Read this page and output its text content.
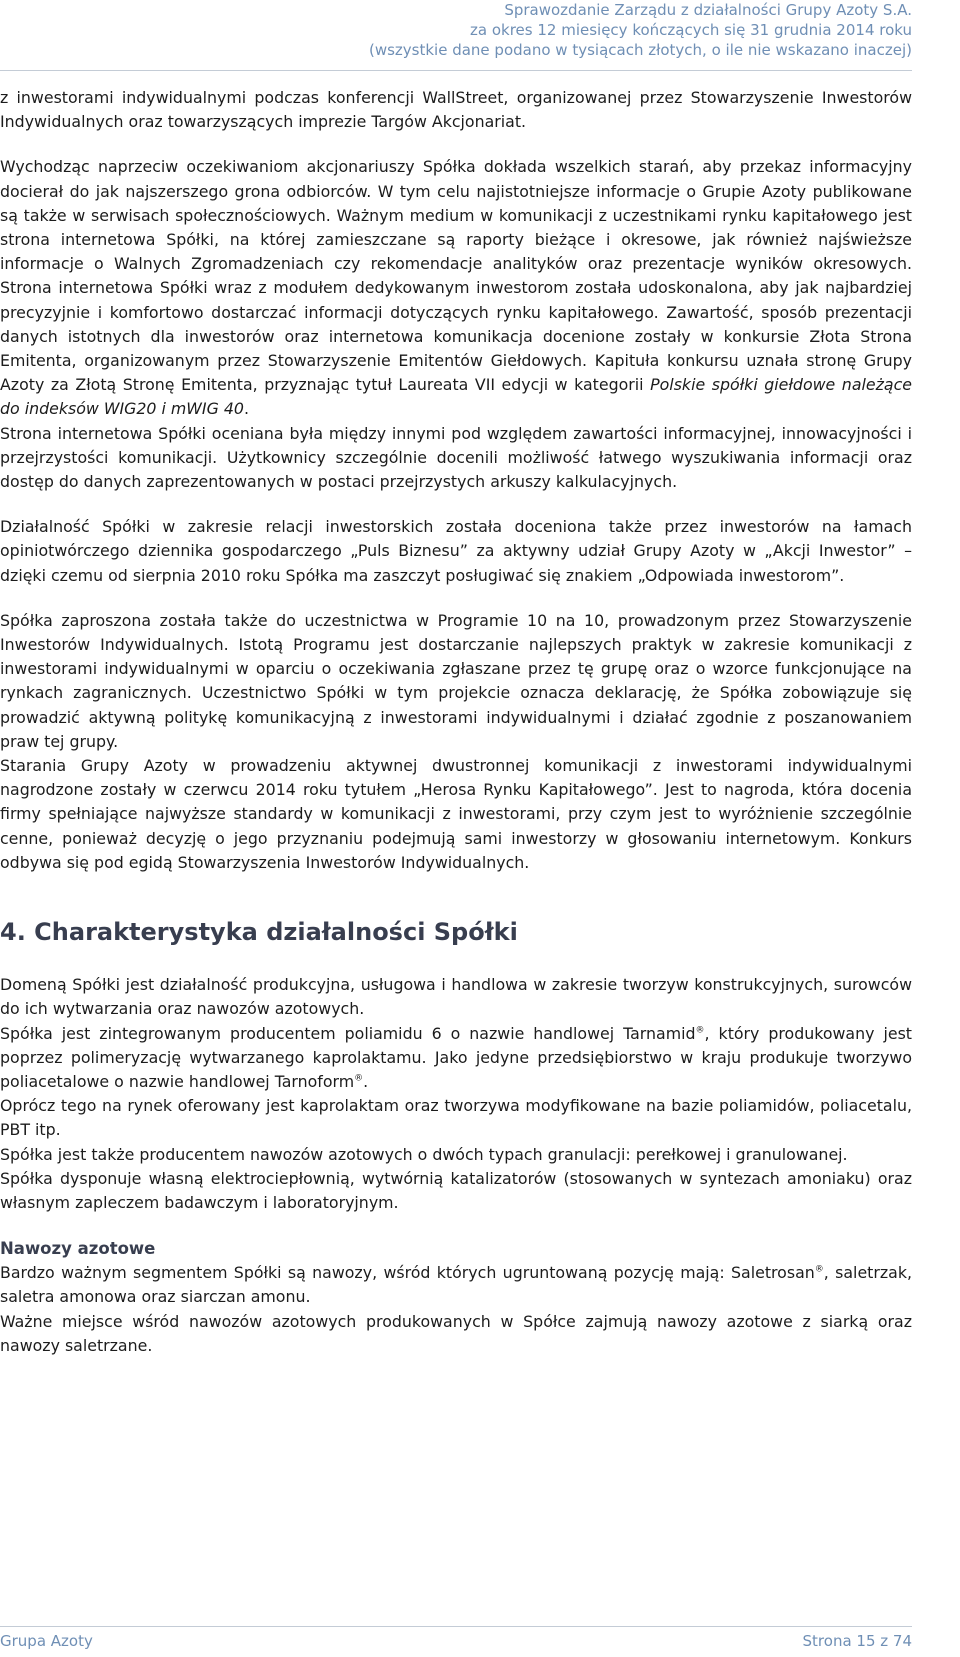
Sprawozdanie Zarządu z działalności Grupy Azoty S.A.
za okres 12 miesięcy kończących się 31 grudnia 2014 roku
(wszystkie dane podano w tysiącach złotych, o ile nie wskazano inaczej)

z inwestorami indywidualnymi podczas konferencji WallStreet, organizowanej przez Stowarzyszenie Inwestorów Indywidualnych oraz towarzyszących imprezie Targów Akcjonariat.

Wychodząc naprzeciw oczekiwaniom akcjonariuszy Spółka dokłada wszelkich starań, aby przekaz informacyjny docierał do jak najszerszego grona odbiorców. W tym celu najistotniejsze informacje o Grupie Azoty publikowane są także w serwisach społecznościowych. Ważnym medium w komunikacji z uczestnikami rynku kapitałowego jest strona internetowa Spółki, na której zamieszczane są raporty bieżące i okresowe, jak również najświeższe informacje o Walnych Zgromadzeniach czy rekomendacje analityków oraz prezentacje wyników okresowych. Strona internetowa Spółki wraz z modułem dedykowanym inwestorom została udoskonalona, aby jak najbardziej precyzyjnie i komfortowo dostarczać informacji dotyczących rynku kapitałowego. Zawartość, sposób prezentacji danych istotnych dla inwestorów oraz internetowa komunikacja docenione zostały w konkursie Złota Strona Emitenta, organizowanym przez Stowarzyszenie Emitentów Giełdowych. Kapituła konkursu uznała stronę Grupy Azoty za Złotą Stronę Emitenta, przyznając tytuł Laureata VII edycji w kategorii Polskie spółki giełdowe należące do indeksów WIG20 i mWIG 40.

Strona internetowa Spółki oceniana była między innymi pod względem zawartości informacyjnej, innowacyjności i przejrzystości komunikacji. Użytkownicy szczególnie docenili możliwość łatwego wyszukiwania informacji oraz dostęp do danych zaprezentowanych w postaci przejrzystych arkuszy kalkulacyjnych.

Działalność Spółki w zakresie relacji inwestorskich została doceniona także przez inwestorów na łamach opiniotwórczego dziennika gospodarczego „Puls Biznesu” za aktywny udział Grupy Azoty w „Akcji Inwestor” – dzięki czemu od sierpnia 2010 roku Spółka ma zaszczyt posługiwać się znakiem „Odpowiada inwestorom”.

Spółka zaproszona została także do uczestnictwa w Programie 10 na 10, prowadzonym przez Stowarzyszenie Inwestorów Indywidualnych. Istotą Programu jest dostarczanie najlepszych praktyk w zakresie komunikacji z inwestorami indywidualnymi w oparciu o oczekiwania zgłaszane przez tę grupę oraz o wzorce funkcjonujące na rynkach zagranicznych. Uczestnictwo Spółki w tym projekcie oznacza deklarację, że Spółka zobowiązuje się prowadzić aktywną politykę komunikacyjną z inwestorami indywidualnymi i działać zgodnie z poszanowaniem praw tej grupy.

Starania Grupy Azoty w prowadzeniu aktywnej dwustronnej komunikacji z inwestorami indywidualnymi nagrodzone zostały w czerwcu 2014 roku tytułem „Herosa Rynku Kapitałowego”. Jest to nagroda, która docenia firmy spełniające najwyższe standardy w komunikacji z inwestorami, przy czym jest to wyróżnienie szczególnie cenne, ponieważ decyzję o jego przyznaniu podejmują sami inwestorzy w głosowaniu internetowym. Konkurs odbywa się pod egidą Stowarzyszenia Inwestorów Indywidualnych.

4. Charakterystyka działalności Spółki

Domeną Spółki jest działalność produkcyjna, usługowa i handlowa w zakresie tworzyw konstrukcyjnych, surowców do ich wytwarzania oraz nawozów azotowych.

Spółka jest zintegrowanym producentem poliamidu 6 o nazwie handlowej Tarnamid®, który produkowany jest poprzez polimeryzację wytwarzanego kaprolaktamu. Jako jedyne przedsiębiorstwo w kraju produkuje tworzywo poliacetalowe o nazwie handlowej Tarnoform®.

Oprócz tego na rynek oferowany jest kaprolaktam oraz tworzywa modyfikowane na bazie poliamidów, poliacetalu, PBT itp.

Spółka jest także producentem nawozów azotowych o dwóch typach granulacji: perełkowej i granulowanej.

Spółka dysponuje własną elektrociepłownią, wytwórnią katalizatorów (stosowanych w syntezach amoniaku) oraz własnym zapleczem badawczym i laboratoryjnym.

Nawozy azotowe

Bardzo ważnym segmentem Spółki są nawozy, wśród których ugruntowaną pozycję mają: Saletrosan®, saletrzak, saletra amonowa oraz siarczan amonu.

Ważne miejsce wśród nawozów azotowych produkowanych w Spółce zajmują nawozy azotowe z siarką oraz nawozy saletrzane.

Grupa Azoty	Strona 15 z 74
